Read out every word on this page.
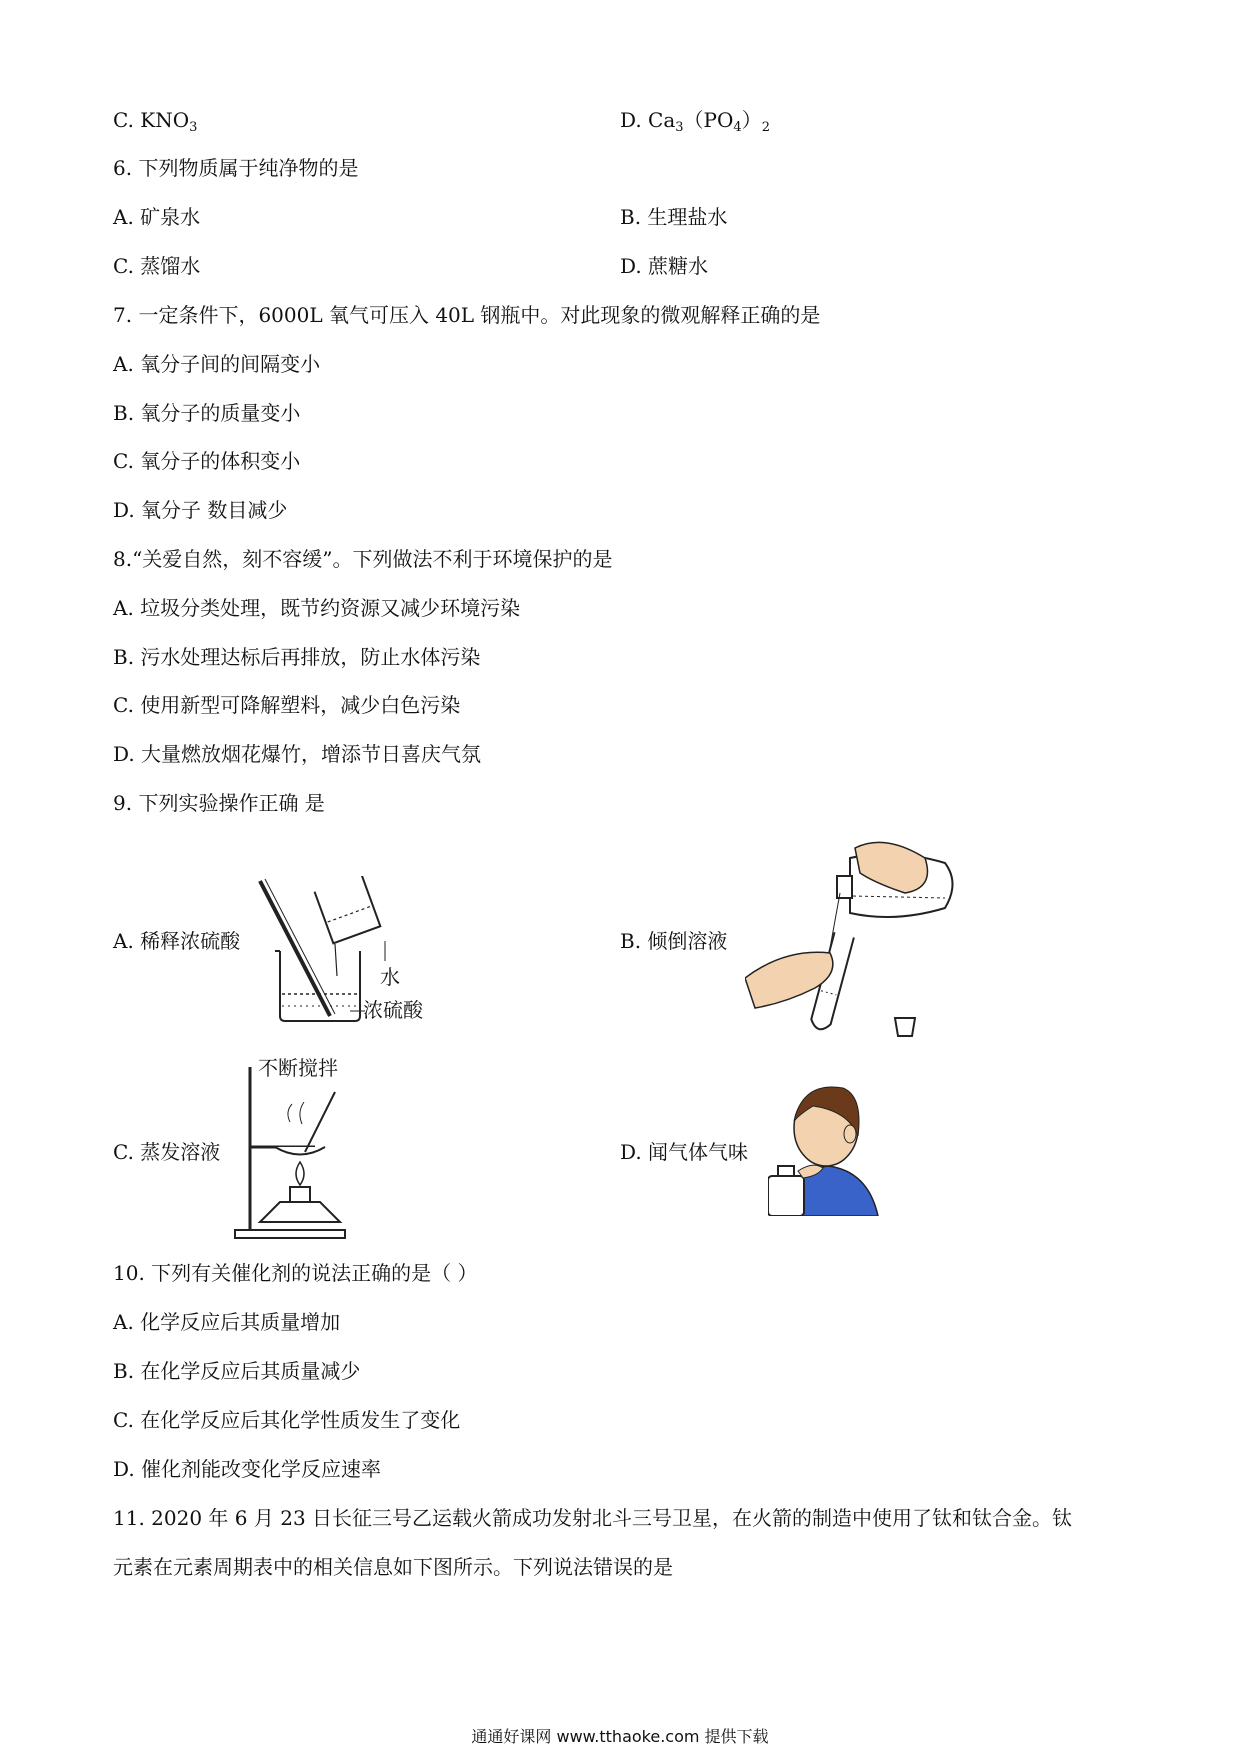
C. $KNO_3$	D. $Ca_3(PO_4)_2$
6. 下列物质属于纯净物的是
A. 矿泉水	B. 生理盐水
C. 蒸馏水	D. 蔗糖水
7. 一定条件下，6000L 氧气可压入 40L 钢瓶中。对此现象的微观解释正确的是
A. 氧分子间的间隔变小
B. 氧分子的质量变小
C. 氧分子的体积变小
D. 氧分子 数目减少
8.“关爱自然，刻不容缓”。下列做法不利于环境保护的是
A. 垃圾分类处理，既节约资源又减少环境污染
B. 污水处理达标后再排放，防止水体污染
C. 使用新型可降解塑料，减少白色污染
D. 大量燃放烟花爆竹，增添节日喜庆气氛
9. 下列实验操作正确 是
A. 稀释浓硫酸
水
浓硫酸
B. 倾倒溶液
C. 蒸发溶液
不断搅拌
D. 闻气体气味
10. 下列有关催化剂的说法正确的是（ ）
A. 化学反应后其质量增加
B. 在化学反应后其质量减少
C. 在化学反应后其化学性质发生了变化
D. 催化剂能改变化学反应速率
11. 2020 年 6 月 23 日长征三号乙运载火箭成功发射北斗三号卫星，在火箭的制造中使用了钛和钛合金。钛
元素在元素周期表中的相关信息如下图所示。下列说法错误的是
通通好课网 www.tthaoke.com 提供下载
